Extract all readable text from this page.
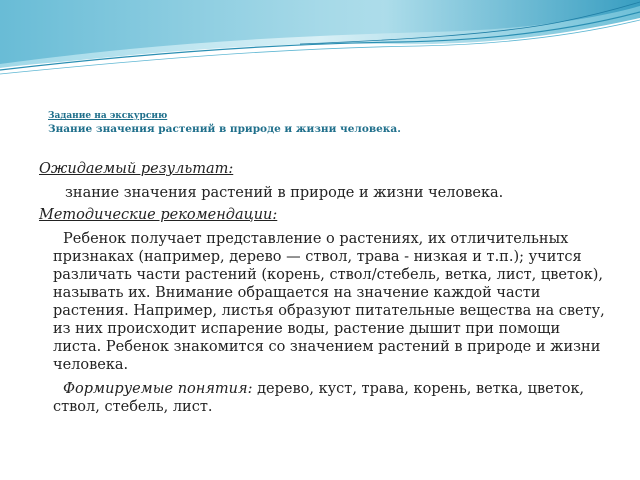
Задание на экскурсию

Знание значения растений в природе и жизни человека.

Ожидаемый результат:

знание значения растений в природе и жизни человека.

Методические рекомендации:

Ребенок получает представление о растениях, их отличительных признаках (например, дерево — ствол, трава - низкая и т.п.); учится различать части растений (корень, ствол/стебель, ветка, лист, цветок), называть их. Внимание обращается на значение каждой части растения. Например, листья образуют питательные вещества на свету, из них происходит испарение воды, растение дышит при помощи листа. Ребенок знакомится со значением растений в природе и жизни человека.

Формируемые понятия: дерево, куст, трава, корень, ветка, цветок, ствол, стебель, лист.
